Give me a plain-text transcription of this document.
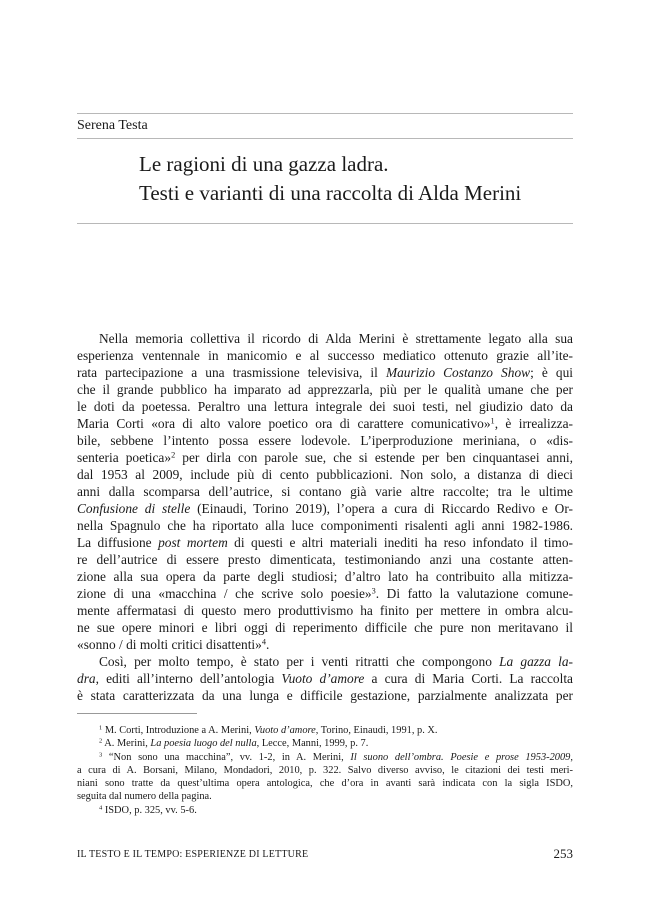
Serena Testa
Le ragioni di una gazza ladra.
Testi e varianti di una raccolta di Alda Merini
Nella memoria collettiva il ricordo di Alda Merini è strettamente legato alla sua
esperienza ventennale in manicomio e al successo mediatico ottenuto grazie all’ite-
rata partecipazione a una trasmissione televisiva, il Maurizio Costanzo Show; è qui
che il grande pubblico ha imparato ad apprezzarla, più per le qualità umane che per
le doti da poetessa. Peraltro una lettura integrale dei suoi testi, nel giudizio dato da
Maria Corti «ora di alto valore poetico ora di carattere comunicativo»$^1$, è irrealizza-
bile, sebbene l’intento possa essere lodevole. L’iperproduzione meriniana, o «dis-
senteria poetica»$^2$ per dirla con parole sue, che si estende per ben cinquantasei anni,
dal 1953 al 2009, include più di cento pubblicazioni. Non solo, a distanza di dieci
anni dalla scomparsa dell’autrice, si contano già varie altre raccolte; tra le ultime
Confusione di stelle (Einaudi, Torino 2019), l’opera a cura di Riccardo Redivo e Or-
nella Spagnulo che ha riportato alla luce componimenti risalenti agli anni 1982-1986.
La diffusione post mortem di questi e altri materiali inediti ha reso infondato il timo-
re dell’autrice di essere presto dimenticata, testimoniando anzi una costante atten-
zione alla sua opera da parte degli studiosi; d’altro lato ha contribuito alla mitizza-
zione di una «macchina / che scrive solo poesie»$^3$. Di fatto la valutazione comune-
mente affermatasi di questo mero produttivismo ha finito per mettere in ombra alcu-
ne sue opere minori e libri oggi di reperimento difficile che pure non meritavano il
«sonno / di molti critici disattenti»$^4$.
Così, per molto tempo, è stato per i venti ritratti che compongono La gazza la-
dra, editi all’interno dell’antologia Vuoto d’amore a cura di Maria Corti. La raccolta
è stata caratterizzata da una lunga e difficile gestazione, parzialmente analizzata per
$^1$ M. Corti, Introduzione a A. Merini, Vuoto d’amore, Torino, Einaudi, 1991, p. X.
$^2$ A. Merini, La poesia luogo del nulla, Lecce, Manni, 1999, p. 7.
$^3$ “Non sono una macchina”, vv. 1-2, in A. Merini, Il suono dell’ombra. Poesie e prose 1953-2009,
a cura di A. Borsani, Milano, Mondadori, 2010, p. 322. Salvo diverso avviso, le citazioni dei testi meri-
niani sono tratte da quest’ultima opera antologica, che d’ora in avanti sarà indicata con la sigla ISDO,
seguita dal numero della pagina.
$^4$ ISDO, p. 325, vv. 5-6.
IL TESTO E IL TEMPO: ESPERIENZE DI LETTURE	253
